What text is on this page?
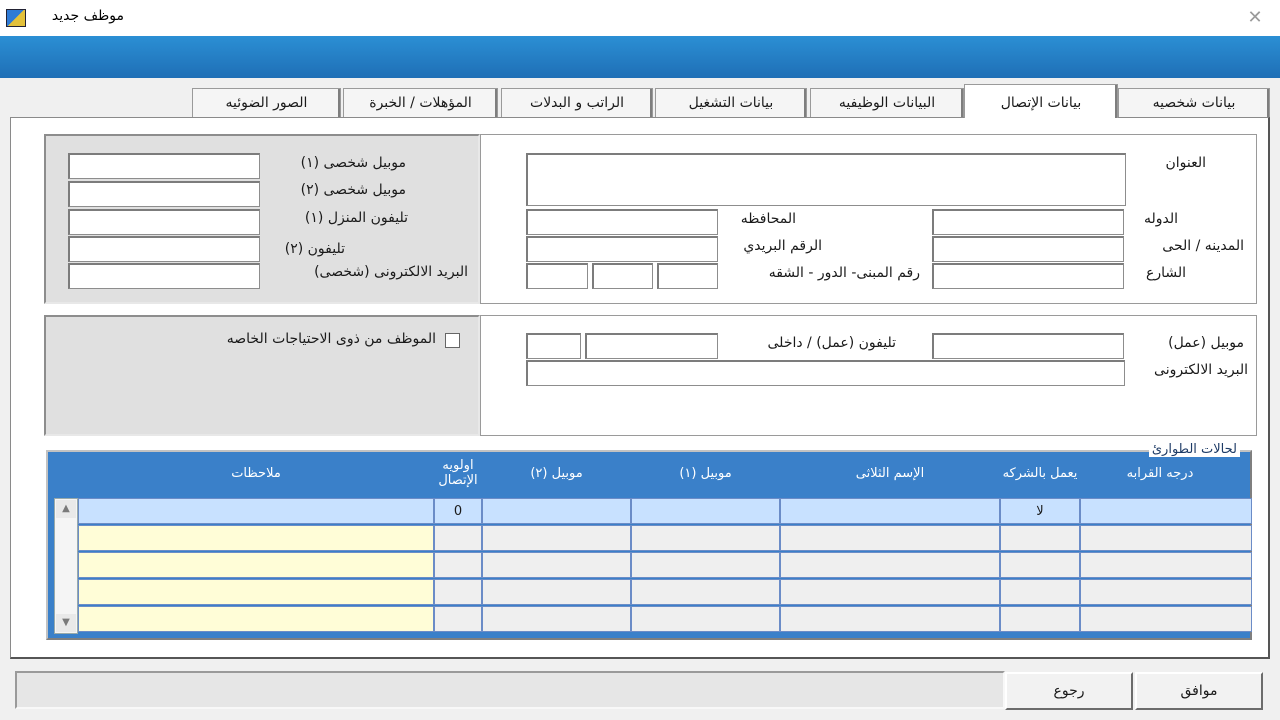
موظف جديد	✕
بيانات شخصيه
بيانات الإتصال
البيانات الوظيفيه
بيانات التشغيل
الراتب و البدلات
المؤهلات / الخبرة
الصور الضوئيه
العنوان
الدوله
المحافظه
المدينه / الحى
الرقم البريدي
الشارع
رقم المبنى- الدور - الشقه
موبيل شخصى (١)
موبيل شخصى (٢)
تليفون المنزل (١)
تليفون (٢)
البريد الالكترونى (شخصى)
موبيل (عمل)
تليفون (عمل) / داخلى
البريد الالكترونى
الموظف من ذوى الاحتياجات الخاصه
لحالات الطوارئ
درجه القرابه
يعمل بالشركه
الإسم الثلاثى
موبيل (١)
موبيل (٢)
اولويه الإتصال
ملاحظات
▲
▼
لا
0
موافق
رجوع
